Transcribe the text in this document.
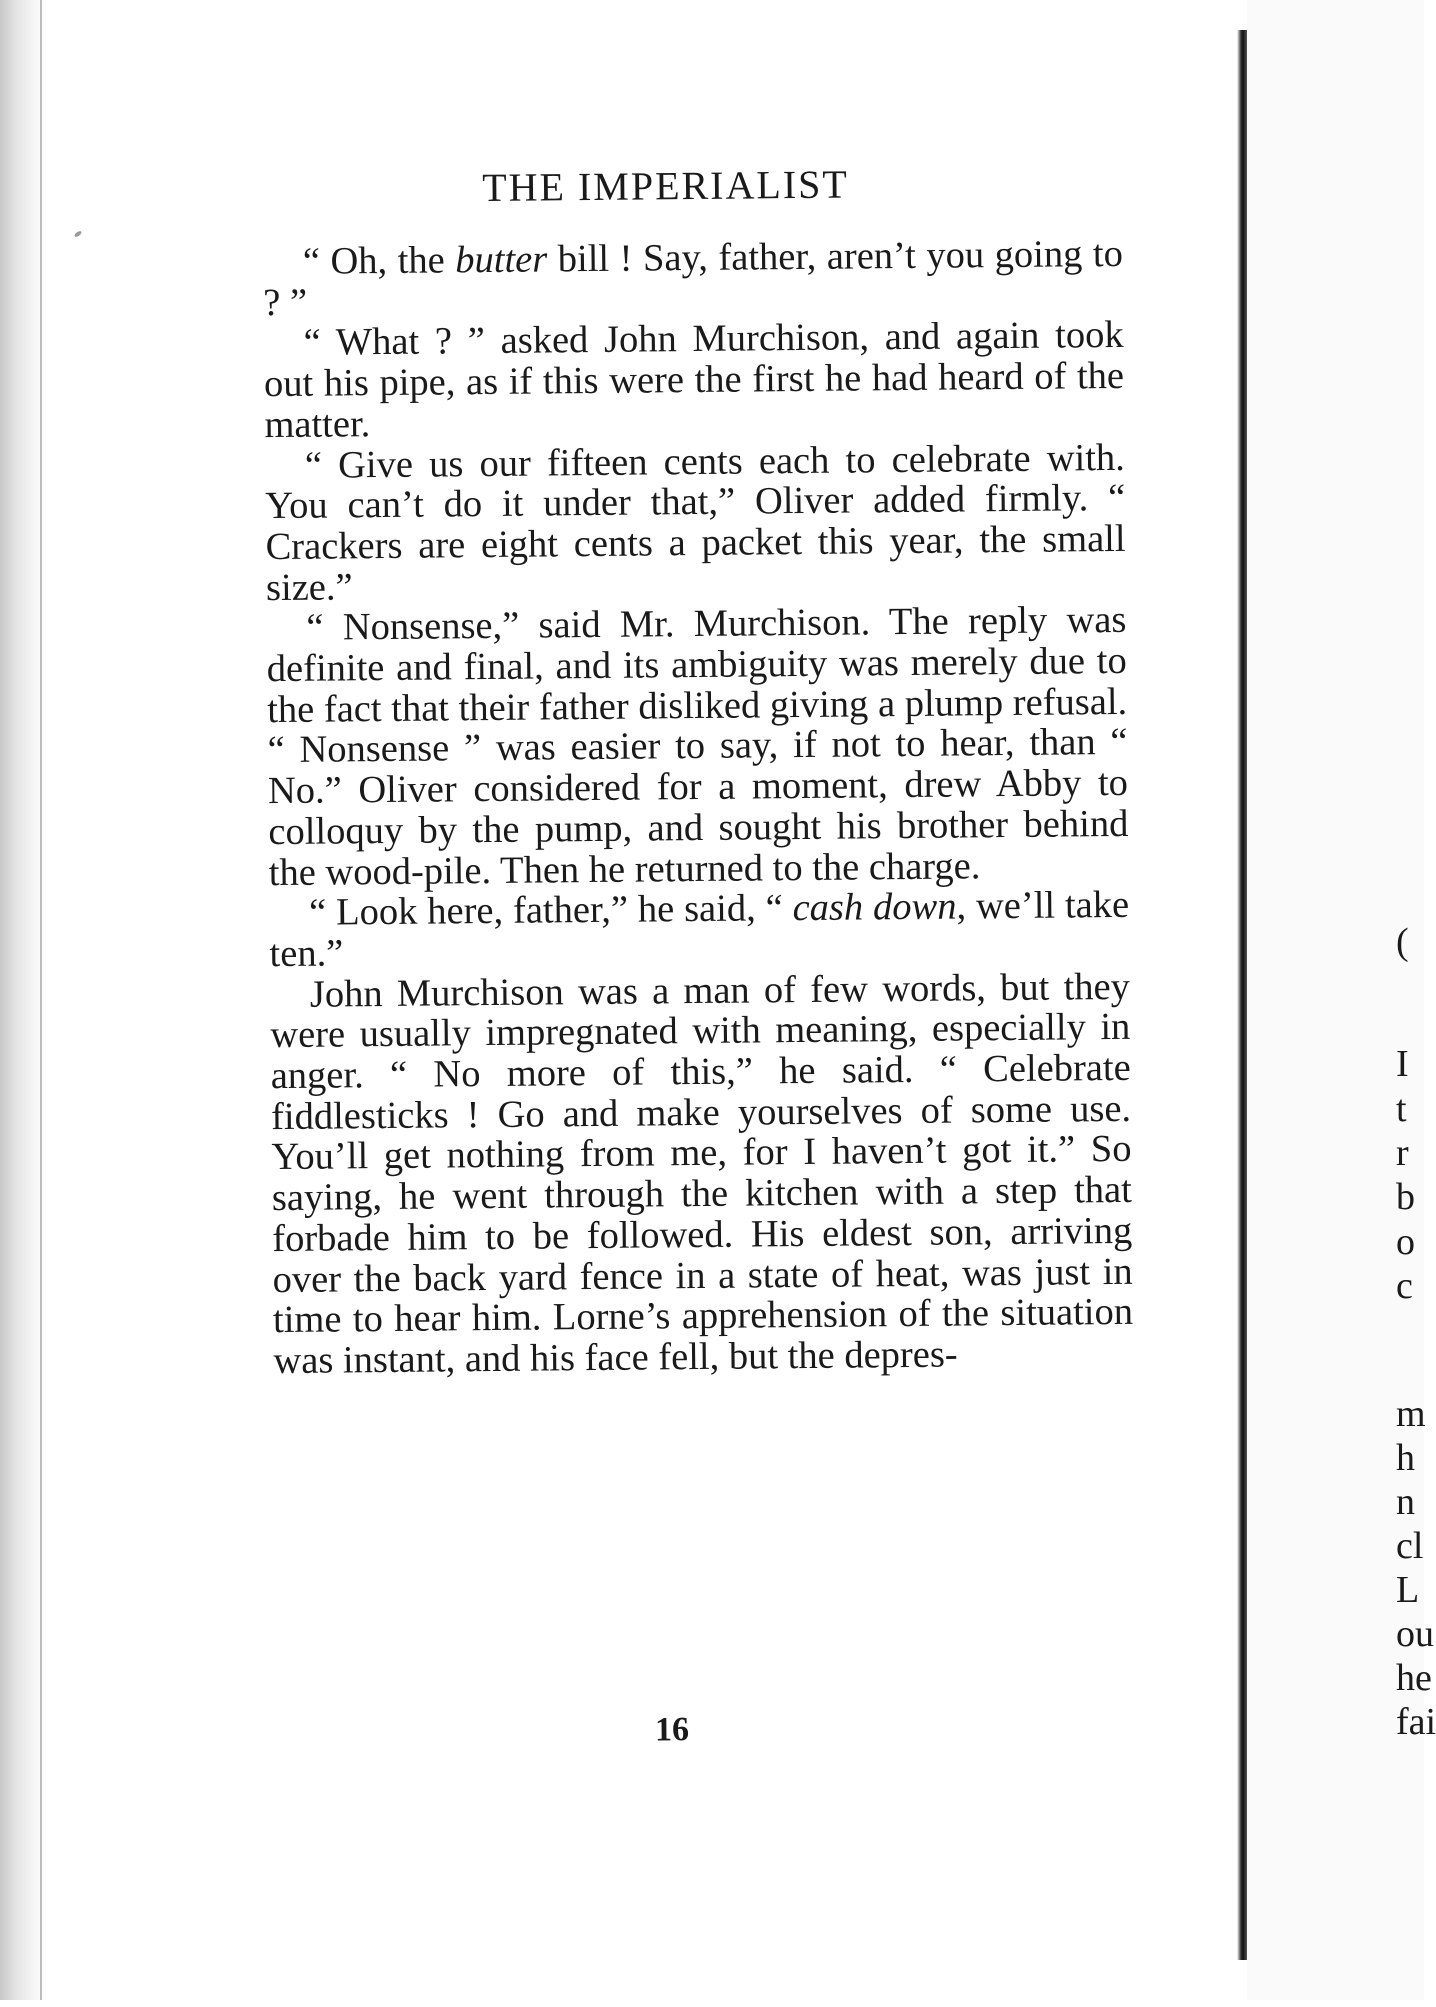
THE IMPERIALIST

“ Oh, the butter bill ! Say, father, aren’t you going to ? ”

“ What ? ” asked John Murchison, and again took out his pipe, as if this were the first he had heard of the matter.

“ Give us our fifteen cents each to celebrate with. You can’t do it under that,” Oliver added firmly. “ Crackers are eight cents a packet this year, the small size.”

“ Nonsense,” said Mr. Murchison. The reply was definite and final, and its ambiguity was merely due to the fact that their father disliked giving a plump refusal. “ Nonsense ” was easier to say, if not to hear, than “ No.” Oliver considered for a moment, drew Abby to colloquy by the pump, and sought his brother behind the wood-pile. Then he returned to the charge.

“ Look here, father,” he said, “ cash down, we’ll take ten.”

John Murchison was a man of few words, but they were usually impregnated with meaning, especially in anger. “ No more of this,” he said. “ Celebrate fiddlesticks ! Go and make yourselves of some use. You’ll get nothing from me, for I haven’t got it.” So saying, he went through the kitchen with a step that forbade him to be followed. His eldest son, arriving over the back yard fence in a state of heat, was just in time to hear him. Lorne’s apprehension of the situation was instant, and his face fell, but the depres-

16
(
I
t
r
b
o
c
m
h
n
cl
L
ou
he
fai
